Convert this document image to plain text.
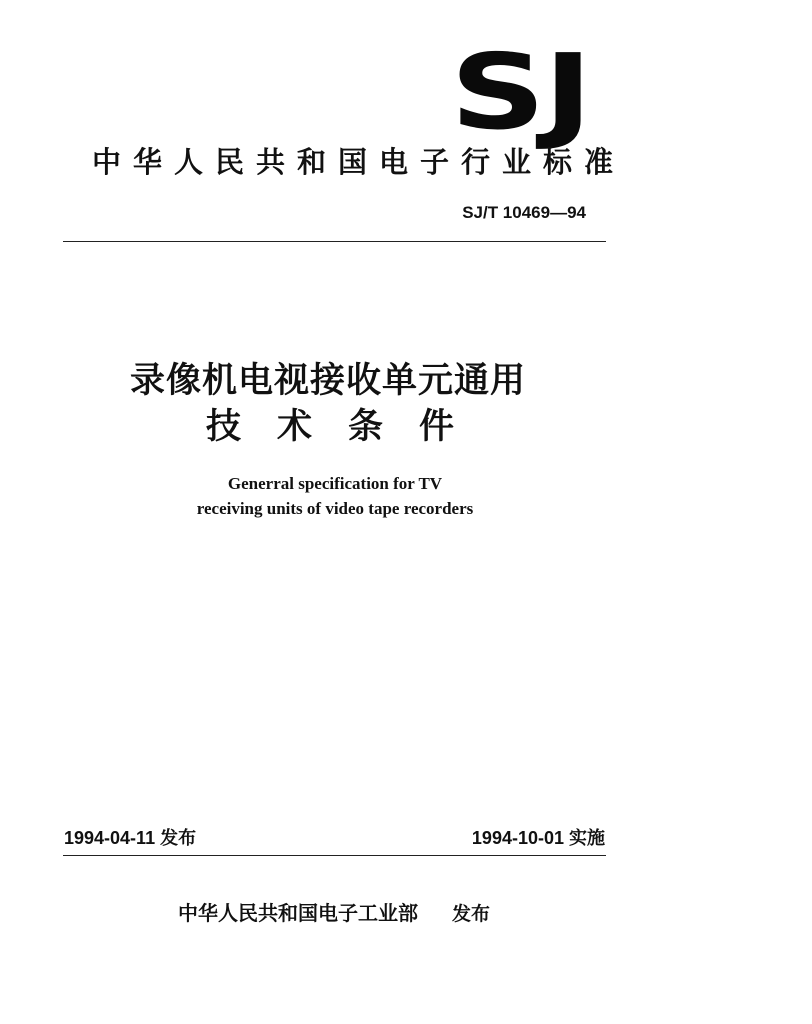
SJ
中华人民共和国电子行业标准
SJ/T 10469—94
录像机电视接收单元通用
技术条件
Generral specification for TV
receiving units of video tape recorders
1994-04-11 发布	1994-10-01 实施
中华人民共和国电子工业部 发布
